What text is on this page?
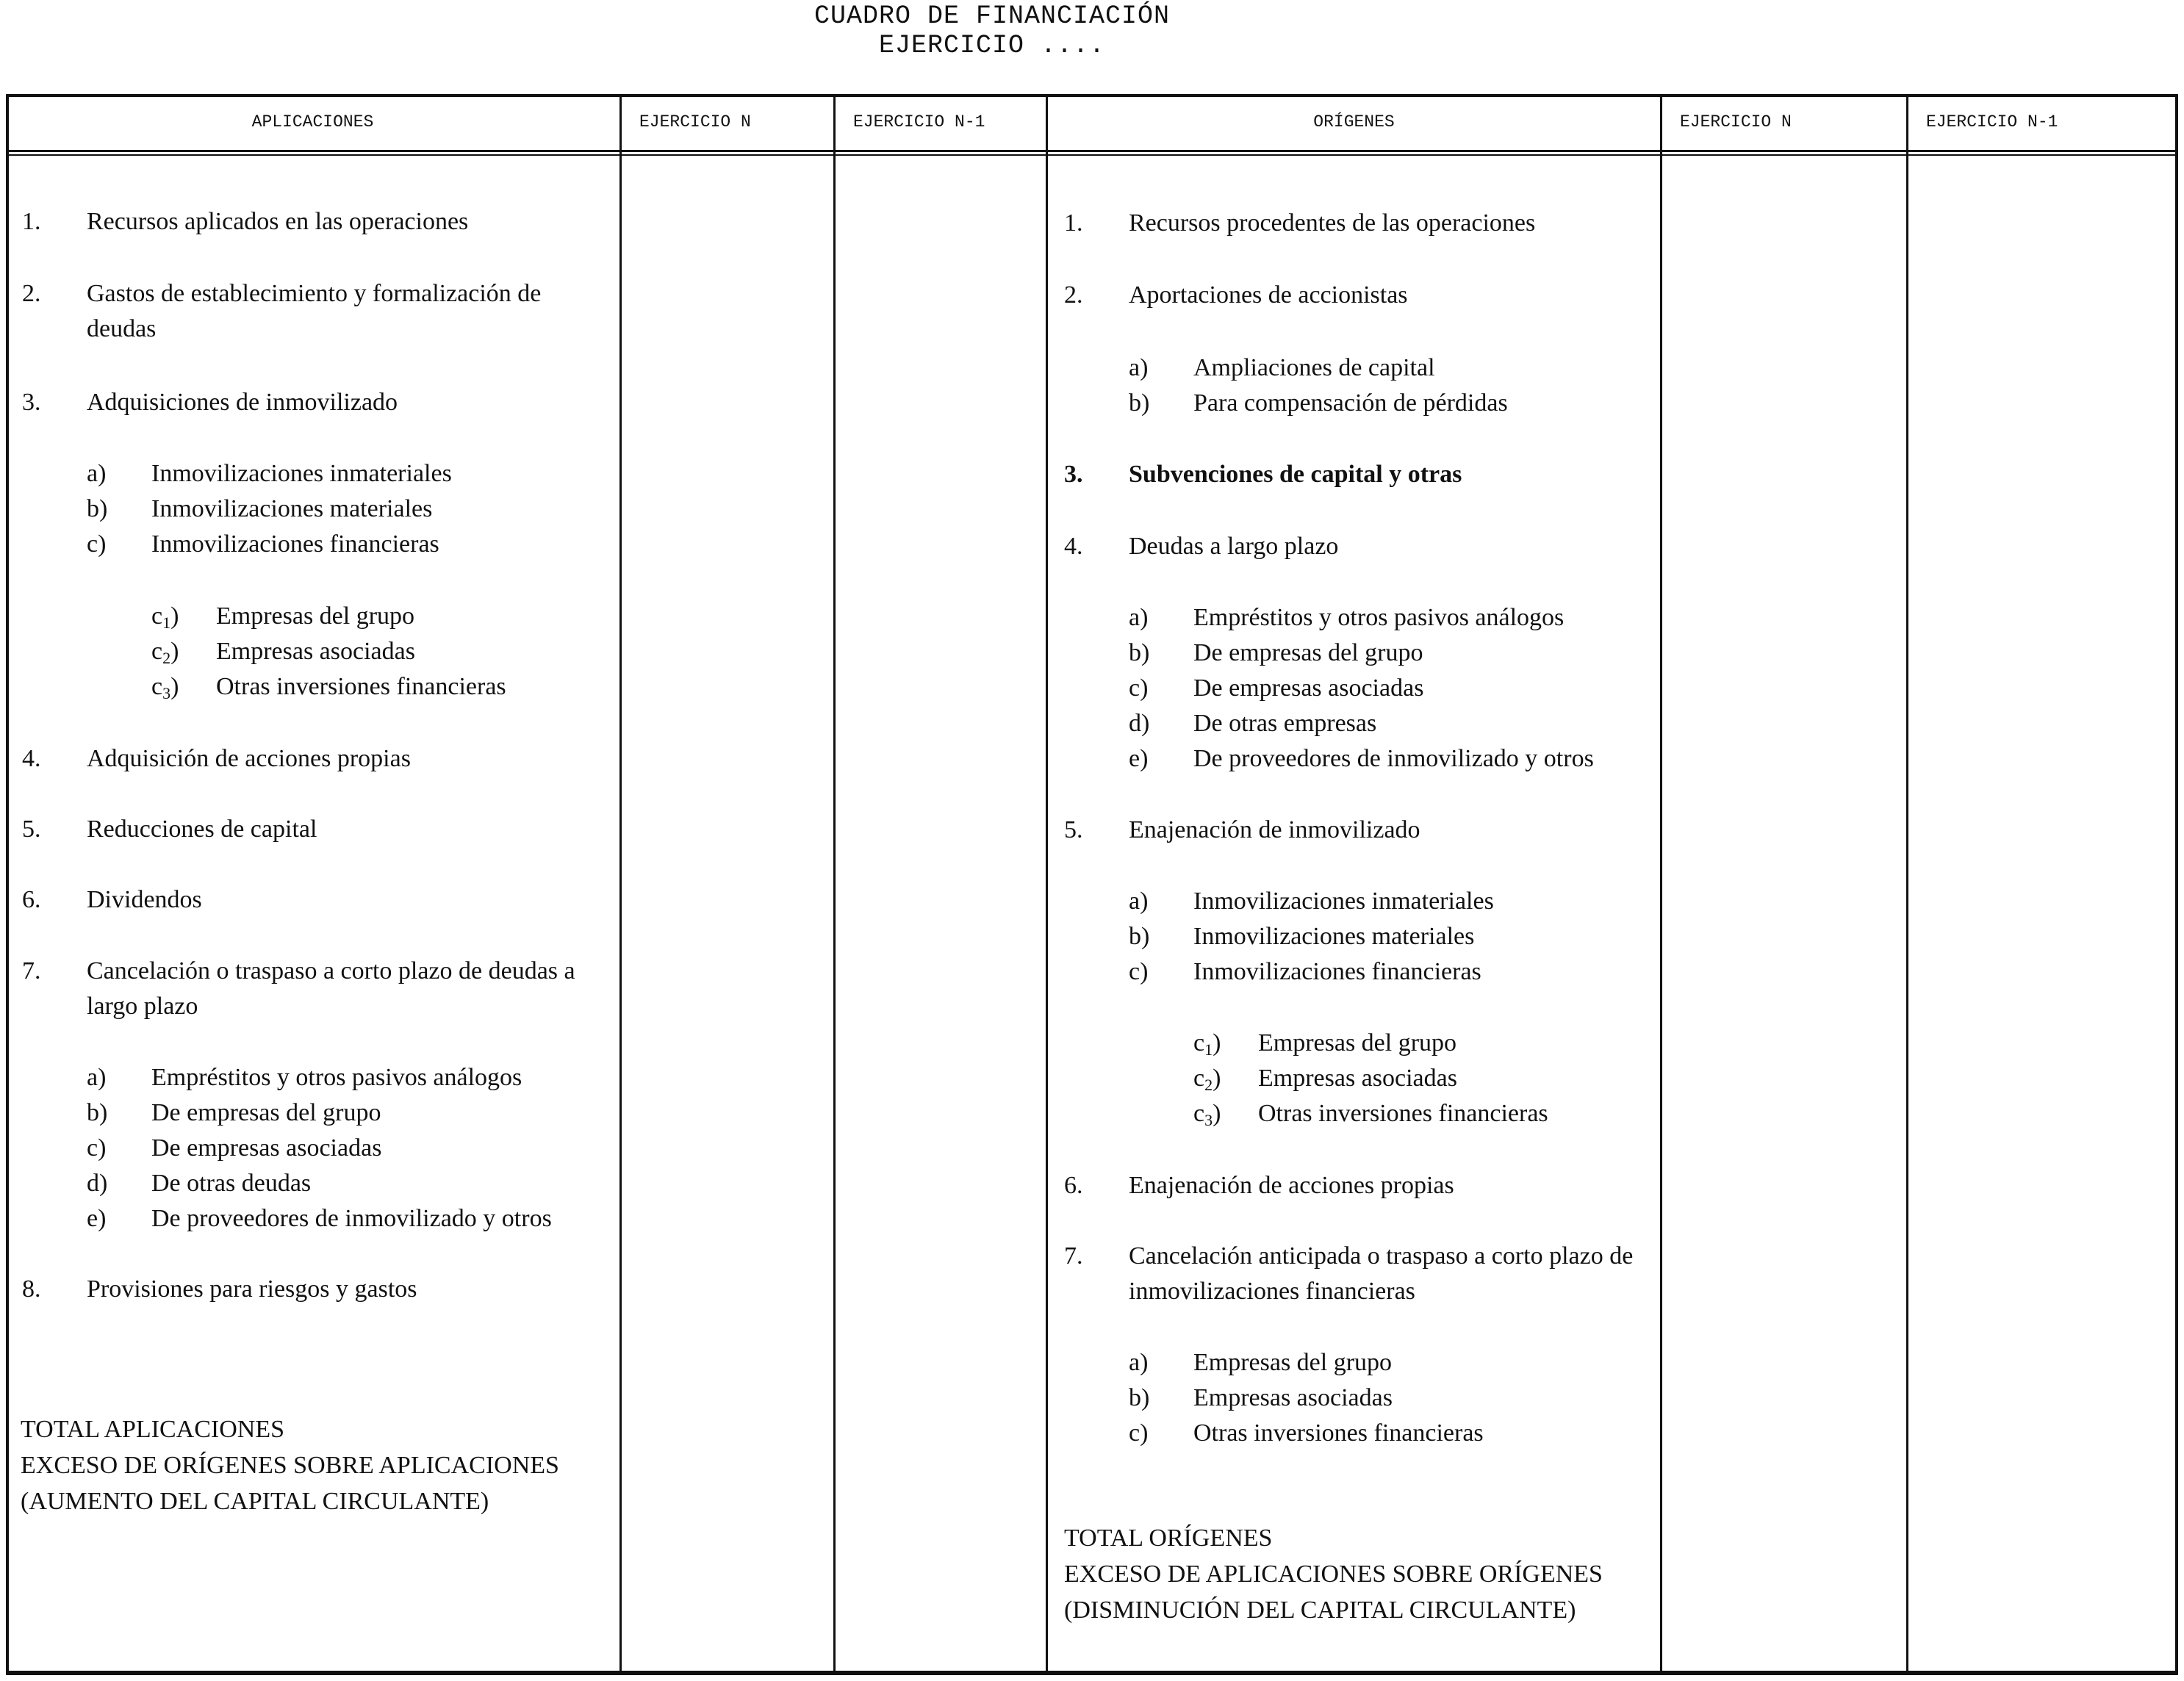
CUADRO DE FINANCIACIÓN
EJERCICIO ....
APLICACIONES	EJERCICIO N	EJERCICIO N-1	ORÍGENES	EJERCICIO N	EJERCICIO N-1
1. Recursos aplicados en las operaciones
2. Gastos de establecimiento y formalización de
deudas
3. Adquisiciones de inmovilizado
a) Inmovilizaciones inmateriales
b) Inmovilizaciones materiales
c) Inmovilizaciones financieras
$c_1$) Empresas del grupo
$c_2$) Empresas asociadas
$c_3$) Otras inversiones financieras
4. Adquisición de acciones propias
5. Reducciones de capital
6. Dividendos
7. Cancelación o traspaso a corto plazo de deudas a
largo plazo
a) Empréstitos y otros pasivos análogos
b) De empresas del grupo
c) De empresas asociadas
d) De otras deudas
e) De proveedores de inmovilizado y otros
8. Provisiones para riesgos y gastos
TOTAL APLICACIONES
EXCESO DE ORÍGENES SOBRE APLICACIONES
(AUMENTO DEL CAPITAL CIRCULANTE)
1. Recursos procedentes de las operaciones
2. Aportaciones de accionistas
a) Ampliaciones de capital
b) Para compensación de pérdidas
3. Subvenciones de capital y otras
4. Deudas a largo plazo
a) Empréstitos y otros pasivos análogos
b) De empresas del grupo
c) De empresas asociadas
d) De otras empresas
e) De proveedores de inmovilizado y otros
5. Enajenación de inmovilizado
a) Inmovilizaciones inmateriales
b) Inmovilizaciones materiales
c) Inmovilizaciones financieras
$c_1$) Empresas del grupo
$c_2$) Empresas asociadas
$c_3$) Otras inversiones financieras
6. Enajenación de acciones propias
7. Cancelación anticipada o traspaso a corto plazo de
inmovilizaciones financieras
a) Empresas del grupo
b) Empresas asociadas
c) Otras inversiones financieras
TOTAL ORÍGENES
EXCESO DE APLICACIONES SOBRE ORÍGENES
(DISMINUCIÓN DEL CAPITAL CIRCULANTE)
